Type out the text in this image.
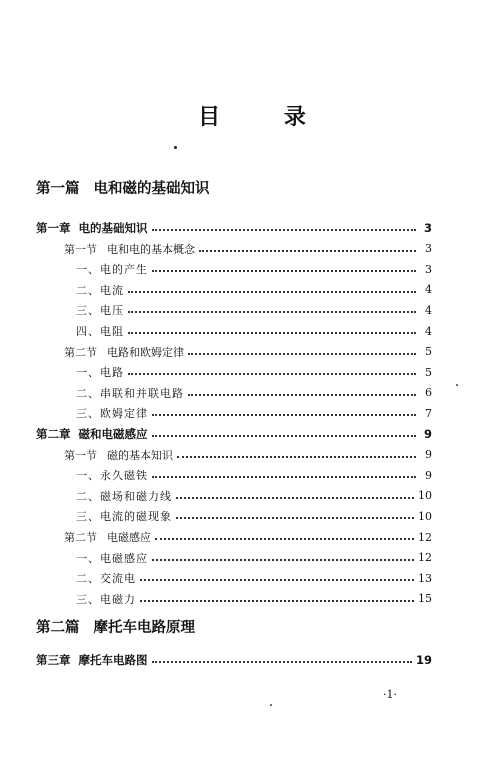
目 录
第一篇 电和磁的基础知识
第一章 电的基础知识	3
第一节 电和电的基本概念	3
一、电的产生	3
二、电流	4
三、电压	4
四、电阻	4
第二节 电路和欧姆定律	5
一、电路	5
二、串联和并联电路	6
三、欧姆定律	7
第二章 磁和电磁感应	9
第一节 磁的基本知识	9
一、永久磁铁	9
二、磁场和磁力线	10
三、电流的磁现象	10
第二节 电磁感应	12
一、电磁感应	12
二、交流电	13
三、电磁力	15
第二篇 摩托车电路原理
第三章 摩托车电路图	19
·1·
